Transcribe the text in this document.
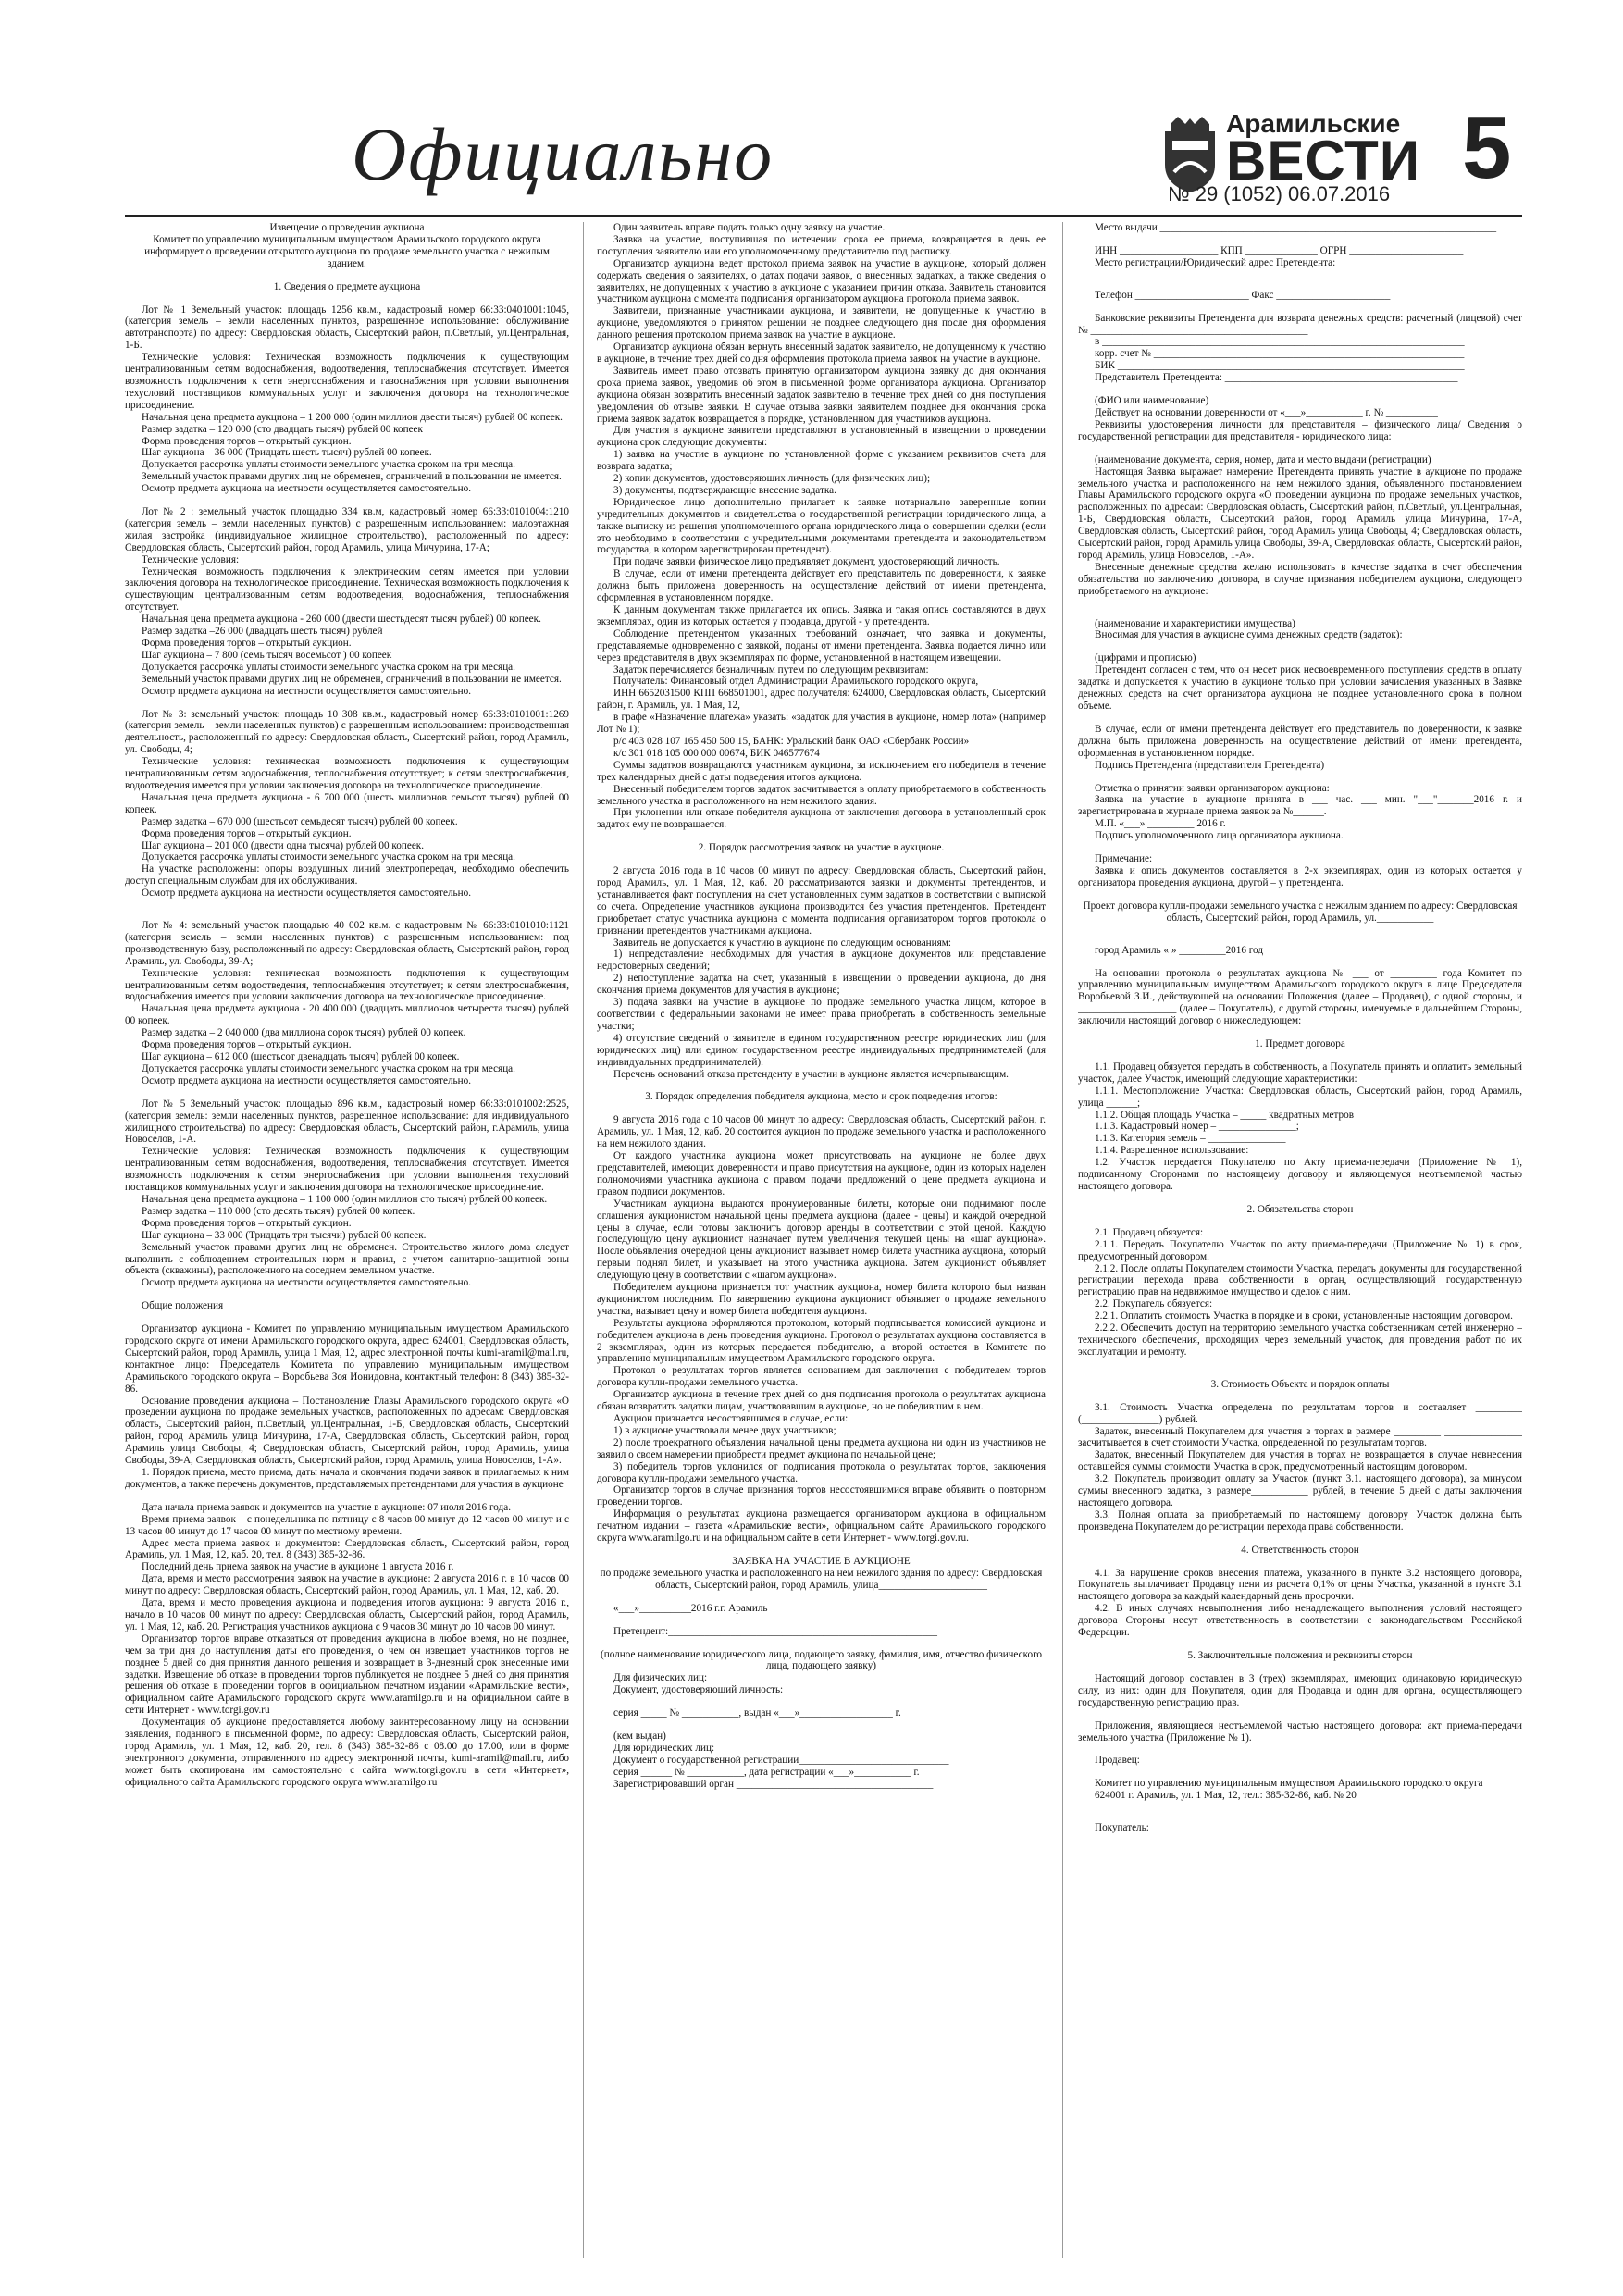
Официально	Арамильские
ВЕСТИ 5
№ 29 (1052) 06.07.2016

Извещение о проведении аукциона

Комитет по управлению муниципальным имуществом Арамильского городского округа информирует о проведении открытого аукциона по продаже земельного участка с нежилым зданием.

1. Сведения о предмете аукциона

Лот № 1 Земельный участок: площадь 1256 кв.м., кадастровый номер 66:33:0401001:1045, (категория земель – земли населенных пунктов, разрешенное использование: обслуживание автотранспорта) по адресу: Свердловская область, Сысертский район, п.Светлый, ул.Центральная, 1-Б.

Технические условия: Техническая возможность подключения к существующим централизованным сетям водоснабжения, водоотведения, теплоснабжения отсутствует. Имеется возможность подключения к сети энергоснабжения и газоснабжения при условии выполнения техусловий поставщиков коммунальных услуг и заключения договора на технологическое присоединение.

Начальная цена предмета аукциона – 1 200 000 (один миллион двести тысяч) рублей 00 копеек.

Размер задатка – 120 000 (сто двадцать тысяч) рублей 00 копеек

Форма проведения торгов – открытый аукцион.

Шаг аукциона – 36 000 (Тридцать шесть тысяч) рублей 00 копеек.

Допускается рассрочка уплаты стоимости земельного участка сроком на три месяца.

Земельный участок правами других лиц не обременен, ограничений в пользовании не имеется.

Осмотр предмета аукциона на местности осуществляется самостоятельно.

Лот № 2 : земельный участок площадью 334 кв.м, кадастровый номер 66:33:0101004:1210 (категория земель – земли населенных пунктов) с разрешенным использованием: малоэтажная жилая застройка (индивидуальное жилищное строительство), расположенный по адресу: Свердловская область, Сысертский район, город Арамиль, улица Мичурина, 17-А;

Технические условия:

Техническая возможность подключения к электрическим сетям имеется при условии заключения договора на технологическое присоединение. Техническая возможность подключения к существующим централизованным сетям водоотведения, водоснабжения, теплоснабжения отсутствует.

Начальная цена предмета аукциона - 260 000 (двести шестьдесят тысяч рублей) 00 копеек.

Размер задатка –26 000 (двадцать шесть тысяч) рублей

Форма проведения торгов – открытый аукцион.

Шаг аукциона – 7 800 (семь тысяч восемьсот ) 00 копеек

Допускается рассрочка уплаты стоимости земельного участка сроком на три месяца.

Земельный участок правами других лиц не обременен, ограничений в пользовании не имеется.

Осмотр предмета аукциона на местности осуществляется самостоятельно.

Лот № 3: земельный участок: площадь 10 308 кв.м., кадастровый номер 66:33:0101001:1269 (категория земель – земли населенных пунктов) с разрешенным использованием: производственная деятельность, расположенный по адресу: Свердловская область, Сысертский район, город Арамиль, ул. Свободы, 4;

Технические условия: техническая возможность подключения к существующим централизованным сетям водоснабжения, теплоснабжения отсутствует; к сетям электроснабжения, водоотведения имеется при условии заключения договора на технологическое присоединение.

Начальная цена предмета аукциона - 6 700 000 (шесть миллионов семьсот тысяч) рублей 00 копеек.

Размер задатка – 670 000 (шестьсот семьдесят тысяч) рублей 00 копеек.

Форма проведения торгов – открытый аукцион.

Шаг аукциона – 201 000 (двести одна тысяча) рублей 00 копеек.

Допускается рассрочка уплаты стоимости земельного участка сроком на три месяца.

На участке расположены: опоры воздушных линий электропередач, необходимо обеспечить доступ специальным службам для их обслуживания.

Осмотр предмета аукциона на местности осуществляется самостоятельно.

Лот № 4: земельный участок площадью 40 002 кв.м. с кадастровым № 66:33:0101010:1121 (категория земель – земли населенных пунктов) с разрешенным использованием: под производственную базу, расположенный по адресу: Свердловская область, Сысертский район, город Арамиль, ул. Свободы, 39-А;

Технические условия: техническая возможность подключения к существующим централизованным сетям водоотведения, теплоснабжения отсутствует; к сетям электроснабжения, водоснабжения имеется при условии заключения договора на технологическое присоединение.

Начальная цена предмета аукциона - 20 400 000 (двадцать миллионов четыреста тысяч) рублей 00 копеек.

Размер задатка – 2 040 000 (два миллиона сорок тысяч) рублей 00 копеек.

Форма проведения торгов – открытый аукцион.

Шаг аукциона – 612 000 (шестьсот двенадцать тысяч) рублей 00 копеек.

Допускается рассрочка уплаты стоимости земельного участка сроком на три месяца.

Осмотр предмета аукциона на местности осуществляется самостоятельно.

Лот № 5 Земельный участок: площадью 896 кв.м., кадастровый номер 66:33:0101002:2525, (категория земель: земли населенных пунктов, разрешенное использование: для индивидуального жилищного строительства) по адресу: Свердловская область, Сысертский район, г.Арамиль, улица Новоселов, 1-А.

Технические условия: Техническая возможность подключения к существующим централизованным сетям водоснабжения, водоотведения, теплоснабжения отсутствует. Имеется возможность подключения к сетям энергоснабжения при условии выполнения техусловий поставщиков коммунальных услуг и заключения договора на технологическое присоединение.

Начальная цена предмета аукциона – 1 100 000 (один миллион сто тысяч) рублей 00 копеек.

Размер задатка – 110 000 (сто десять тысяч) рублей 00 копеек.

Форма проведения торгов – открытый аукцион.

Шаг аукциона – 33 000 (Тридцать три тысячи) рублей 00 копеек.

Земельный участок правами других лиц не обременен. Строительство жилого дома следует выполнить с соблюдением строительных норм и правил, с учетом санитарно-защитной зоны объекта (скважины), расположенного на соседнем земельном участке.

Осмотр предмета аукциона на местности осуществляется самостоятельно.

Общие положения

Организатор аукциона - Комитет по управлению муниципальным имуществом Арамильского городского округа от имени Арамильского городского округа, адрес: 624001, Свердловская область, Сысертский район, город Арамиль, улица 1 Мая, 12, адрес электронной почты kumi-aramil@mail.ru, контактное лицо: Председатель Комитета по управлению муниципальным имуществом Арамильского городского округа – Воробьева Зоя Ионидовна, контактный телефон: 8 (343) 385-32-86.

Основание проведения аукциона – Постановление Главы Арамильского городского округа «О проведении аукциона по продаже земельных участков, расположенных по адресам: Свердловская область, Сысертский район, п.Светлый, ул.Центральная, 1-Б, Свердловская область, Сысертский район, город Арамиль улица Мичурина, 17-А, Свердловская область, Сысертский район, город Арамиль улица Свободы, 4; Свердловская область, Сысертский район, город Арамиль, улица Свободы, 39-А, Свердловская область, Сысертский район, город Арамиль, улица Новоселов, 1-А».

1. Порядок приема, место приема, даты начала и окончания подачи заявок и прилагаемых к ним документов, а также перечень документов, представляемых претендентами для участия в аукционе

Дата начала приема заявок и документов на участие в аукционе: 07 июля 2016 года.

Время приема заявок – с понедельника по пятницу с 8 часов 00 минут до 12 часов 00 минут и с 13 часов 00 минут до 17 часов 00 минут по местному времени.

Адрес места приема заявок и документов: Свердловская область, Сысертский район, город Арамиль, ул. 1 Мая, 12, каб. 20, тел. 8 (343) 385-32-86.

Последний день приема заявок на участие в аукционе 1 августа 2016 г.

Дата, время и место рассмотрения заявок на участие в аукционе: 2 августа 2016 г. в 10 часов 00 минут по адресу: Свердловская область, Сысертский район, город Арамиль, ул. 1 Мая, 12, каб. 20.

Дата, время и место проведения аукциона и подведения итогов аукциона: 9 августа 2016 г., начало в 10 часов 00 минут по адресу: Свердловская область, Сысертский район, город Арамиль, ул. 1 Мая, 12, каб. 20. Регистрация участников аукциона с 9 часов 30 минут до 10 часов 00 минут.

Организатор торгов вправе отказаться от проведения аукциона в любое время, но не позднее, чем за три дня до наступления даты его проведения, о чем он извещает участников торгов не позднее 5 дней со дня принятия данного решения и возвращает в 3-дневный срок внесенные ими задатки. Извещение об отказе в проведении торгов публикуется не позднее 5 дней со дня принятия решения об отказе в проведении торгов в официальном печатном издании «Арамильские вести», официальном сайте Арамильского городского округа www.aramilgo.ru и на официальном сайте в сети Интернет - www.torgi.gov.ru

Документация об аукционе предоставляется любому заинтересованному лицу на основании заявления, поданного в письменной форме, по адресу: Свердловская область, Сысертский район, город Арамиль, ул. 1 Мая, 12, каб. 20, тел. 8 (343) 385-32-86 с 08.00 до 17.00, или в форме электронного документа, отправленного по адресу электронной почты, kumi-aramil@mail.ru, либо может быть скопирована им самостоятельно с сайта www.torgi.gov.ru в сети «Интернет», официального сайта Арамильского городского округа www.aramilgo.ru

Один заявитель вправе подать только одну заявку на участие.

Заявка на участие, поступившая по истечении срока ее приема, возвращается в день ее поступления заявителю или его уполномоченному представителю под расписку.

Организатор аукциона ведет протокол приема заявок на участие в аукционе, который должен содержать сведения о заявителях, о датах подачи заявок, о внесенных задатках, а также сведения о заявителях, не допущенных к участию в аукционе с указанием причин отказа. Заявитель становится участником аукциона с момента подписания организатором аукциона протокола приема заявок.

Заявители, признанные участниками аукциона, и заявители, не допущенные к участию в аукционе, уведомляются о принятом решении не позднее следующего дня после дня оформления данного решения протоколом приема заявок на участие в аукционе.

Организатор аукциона обязан вернуть внесенный задаток заявителю, не допущенному к участию в аукционе, в течение трех дней со дня оформления протокола приема заявок на участие в аукционе.

Заявитель имеет право отозвать принятую организатором аукциона заявку до дня окончания срока приема заявок, уведомив об этом в письменной форме организатора аукциона. Организатор аукциона обязан возвратить внесенный задаток заявителю в течение трех дней со дня поступления уведомления об отзыве заявки. В случае отзыва заявки заявителем позднее дня окончания срока приема заявок задаток возвращается в порядке, установленном для участников аукциона.

Для участия в аукционе заявители представляют в установленный в извещении о проведении аукциона срок следующие документы:

1) заявка на участие в аукционе по установленной форме с указанием реквизитов счета для возврата задатка;

2) копии документов, удостоверяющих личность (для физических лиц);

3) документы, подтверждающие внесение задатка.

Юридическое лицо дополнительно прилагает к заявке нотариально заверенные копии учредительных документов и свидетельства о государственной регистрации юридического лица, а также выписку из решения уполномоченного органа юридического лица о совершении сделки (если это необходимо в соответствии с учредительными документами претендента и законодательством государства, в котором зарегистрирован претендент).

При подаче заявки физическое лицо предъявляет документ, удостоверяющий личность.

В случае, если от имени претендента действует его представитель по доверенности, к заявке должна быть приложена доверенность на осуществление действий от имени претендента, оформленная в установленном порядке.

К данным документам также прилагается их опись. Заявка и такая опись составляются в двух экземплярах, один из которых остается у продавца, другой - у претендента.

Соблюдение претендентом указанных требований означает, что заявка и документы, представляемые одновременно с заявкой, поданы от имени претендента. Заявка подается лично или через представителя в двух экземплярах по форме, установленной в настоящем извещении.

Задаток перечисляется безналичным путем по следующим реквизитам:

Получатель: Финансовый отдел Администрации Арамильского городского округа,

ИНН 6652031500 КПП 668501001, адрес получателя: 624000, Свердловская область, Сысертский район, г. Арамиль, ул. 1 Мая, 12,

в графе «Назначение платежа» указать: «задаток для участия в аукционе, номер лота» (например Лот № 1);

р/с 403 028 107 165 450 500 15, БАНК: Уральский банк ОАО «Сбербанк России»

к/с 301 018 105 000 000 00674, БИК 046577674

Суммы задатков возвращаются участникам аукциона, за исключением его победителя в течение трех календарных дней с даты подведения итогов аукциона.

Внесенный победителем торгов задаток засчитывается в оплату приобретаемого в собственность земельного участка и расположенного на нем нежилого здания.

При уклонении или отказе победителя аукциона от заключения договора в установленный срок задаток ему не возвращается.

2. Порядок рассмотрения заявок на участие в аукционе.

2 августа 2016 года в 10 часов 00 минут по адресу: Свердловская область, Сысертский район, город Арамиль, ул. 1 Мая, 12, каб. 20 рассматриваются заявки и документы претендентов, и устанавливается факт поступления на счет установленных сумм задатков в соответствии с выпиской со счета. Определение участников аукциона производится без участия претендентов. Претендент приобретает статус участника аукциона с момента подписания организатором торгов протокола о признании претендентов участниками аукциона.

Заявитель не допускается к участию в аукционе по следующим основаниям:

1) непредставление необходимых для участия в аукционе документов или представление недостоверных сведений;

2) непоступление задатка на счет, указанный в извещении о проведении аукциона, до дня окончания приема документов для участия в аукционе;

3) подача заявки на участие в аукционе по продаже земельного участка лицом, которое в соответствии с федеральными законами не имеет права приобретать в собственность земельные участки;

4) отсутствие сведений о заявителе в едином государственном реестре юридических лиц (для юридических лиц) или едином государственном реестре индивидуальных предпринимателей (для индивидуальных предпринимателей).

Перечень оснований отказа претенденту в участии в аукционе является исчерпывающим.

3. Порядок определения победителя аукциона, место и срок подведения итогов:

9 августа 2016 года с 10 часов 00 минут по адресу: Свердловская область, Сысертский район, г. Арамиль, ул. 1 Мая, 12, каб. 20 состоится аукцион по продаже земельного участка и расположенного на нем нежилого здания.

От каждого участника аукциона может присутствовать на аукционе не более двух представителей, имеющих доверенности и право присутствия на аукционе, один из которых наделен полномочиями участника аукциона с правом подачи предложений о цене предмета аукциона и правом подписи документов.

Участникам аукциона выдаются пронумерованные билеты, которые они поднимают после оглашения аукционистом начальной цены предмета аукциона (далее - цены) и каждой очередной цены в случае, если готовы заключить договор аренды в соответствии с этой ценой. Каждую последующую цену аукционист назначает путем увеличения текущей цены на «шаг аукциона». После объявления очередной цены аукционист называет номер билета участника аукциона, который первым поднял билет, и указывает на этого участника аукциона. Затем аукционист объявляет следующую цену в соответствии с «шагом аукциона».

Победителем аукциона признается тот участник аукциона, номер билета которого был назван аукционистом последним. По завершению аукциона аукционист объявляет о продаже земельного участка, называет цену и номер билета победителя аукциона.

Результаты аукциона оформляются протоколом, который подписывается комиссией аукциона и победителем аукциона в день проведения аукциона. Протокол о результатах аукциона составляется в 2 экземплярах, один из которых передается победителю, а второй остается в Комитете по управлению муниципальным имуществом Арамильского городского округа.

Протокол о результатах торгов является основанием для заключения с победителем торгов договора купли-продажи земельного участка.

Организатор аукциона в течение трех дней со дня подписания протокола о результатах аукциона обязан возвратить задатки лицам, участвовавшим в аукционе, но не победившим в нем.

Аукцион признается несостоявшимся в случае, если:

1) в аукционе участвовали менее двух участников;

2) после троекратного объявления начальной цены предмета аукциона ни один из участников не заявил о своем намерении приобрести предмет аукциона по начальной цене;

3) победитель торгов уклонился от подписания протокола о результатах торгов, заключения договора купли-продажи земельного участка.

Организатор торгов в случае признания торгов несостоявшимися вправе объявить о повторном проведении торгов.

Информация о результатах аукциона размещается организатором аукциона в официальном печатном издании – газета «Арамильские вести», официальном сайте Арамильского городского округа www.aramilgo.ru и на официальном сайте в сети Интернет - www.torgi.gov.ru.

ЗАЯВКА НА УЧАСТИЕ В АУКЦИОНЕ

по продаже земельного участка и расположенного на нем нежилого здания по адресу: Свердловская область, Сысертский район, город Арамиль, улица_____________________

«___»__________2016 г.г. Арамиль

Претендент:____________________________________________________

(полное наименование юридического лица, подающего заявку, фамилия, имя, отчество физического лица, подающего заявку)

Для физических лиц:

Документ, удостоверяющий личность:_______________________________

серия _____ № ___________, выдан «___»__________________ г.

(кем выдан)

Для юридических лиц:

Документ о государственной регистрации_____________________________

серия ______ № ___________, дата регистрации «___»___________ г.

Зарегистрировавший орган ______________________________________

Место выдачи _________________________________________________________________

ИНН ___________________ КПП ______________ ОГРН ______________________

Место регистрации/Юридический адрес Претендента: ___________________

Телефон ______________________ Факс ______________________

Банковские реквизиты Претендента для возврата денежных средств: расчетный (лицевой) счет № __________________________________________

в ______________________________________________________________________

корр. счет № ____________________________________________________________

БИК ___________________________________________________________________

Представитель Претендента: _____________________________________________

(ФИО или наименование)

Действует на основании доверенности от «___»___________ г. № __________

Реквизиты удостоверения личности для представителя – физического лица/ Сведения о государственной регистрации для представителя - юридического лица:

(наименование документа, серия, номер, дата и место выдачи (регистрации)

Настоящая Заявка выражает намерение Претендента принять участие в аукционе по продаже земельного участка и расположенного на нем нежилого здания, объявленного постановлением Главы Арамильского городского округа «О проведении аукциона по продаже земельных участков, расположенных по адресам: Свердловская область, Сысертский район, п.Светлый, ул.Центральная, 1-Б, Свердловская область, Сысертский район, город Арамиль улица Мичурина, 17-А, Свердловская область, Сысертский район, город Арамиль улица Свободы, 4; Свердловская область, Сысертский район, город Арамиль улица Свободы, 39-А, Свердловская область, Сысертский район, город Арамиль, улица Новоселов, 1-А».

Внесенные денежные средства желаю использовать в качестве задатка в счет обеспечения обязательства по заключению договора, в случае признания победителем аукциона, следующего приобретаемого на аукционе:

(наименование и характеристики имущества)

Вносимая для участия в аукционе сумма денежных средств (задаток): _________

(цифрами и прописью)

Претендент согласен с тем, что он несет риск несвоевременного поступления средств в оплату задатка и допускается к участию в аукционе только при условии зачисления указанных в Заявке денежных средств на счет организатора аукциона не позднее установленного срока в полном объеме.

В случае, если от имени претендента действует его представитель по доверенности, к заявке должна быть приложена доверенность на осуществление действий от имени претендента, оформленная в установленном порядке.

Подпись Претендента (представителя Претендента)

Отметка о принятии заявки организатором аукциона:

Заявка на участие в аукционе принята в ___ час. ___ мин. "___"_______2016 г. и зарегистрирована в журнале приема заявок за №______.

М.П. «___» _________ 2016 г.

Подпись уполномоченного лица организатора аукциона.

Примечание:

Заявка и опись документов составляется в 2-х экземплярах, один из которых остается у организатора проведения аукциона, другой – у претендента.

Проект договора купли-продажи земельного участка с нежилым зданием по адресу: Свердловская область, Сысертский район, город Арамиль, ул.___________

город Арамиль « » _________2016 год

На основании протокола о результатах аукциона № ___ от _________ года Комитет по управлению муниципальным имуществом Арамильского городского округа в лице Председателя Воробьевой З.И., действующей на основании Положения (далее – Продавец), с одной стороны, и ___________________ (далее – Покупатель), с другой стороны, именуемые в дальнейшем Стороны, заключили настоящий договор о нижеследующем:

1. Предмет договора

1.1. Продавец обязуется передать в собственность, а Покупатель принять и оплатить земельный участок, далее Участок, имеющий следующие характеристики:

1.1.1. Местоположение Участка: Свердловская область, Сысертский район, город Арамиль, улица ______;

1.1.2. Общая площадь Участка – _____ квадратных метров

1.1.3. Кадастровый номер – _______________;

1.1.3. Категория земель – _______________

1.1.4. Разрешенное использование:

1.2. Участок передается Покупателю по Акту приема-передачи (Приложение № 1), подписанному Сторонами по настоящему договору и являющемуся неотъемлемой частью настоящего договора.

2. Обязательства сторон

2.1. Продавец обязуется:

2.1.1. Передать Покупателю Участок по акту приема-передачи (Приложение № 1) в срок, предусмотренный договором.

2.1.2. После оплаты Покупателем стоимости Участка, передать документы для государственной регистрации перехода права собственности в орган, осуществляющий государственную регистрацию прав на недвижимое имущество и сделок с ним.

2.2. Покупатель обязуется:

2.2.1. Оплатить стоимость Участка в порядке и в сроки, установленные настоящим договором.

2.2.2. Обеспечить доступ на территорию земельного участка собственникам сетей инженерно – технического обеспечения, проходящих через земельный участок, для проведения работ по их эксплуатации и ремонту.

3. Стоимость Объекта и порядок оплаты

3.1. Стоимость Участка определена по результатам торгов и составляет _________ (_______________) рублей.

Задаток, внесенный Покупателем для участия в торгах в размере _________ _______________ засчитывается в счет стоимости Участка, определенной по результатам торгов.

Задаток, внесенный Покупателем для участия в торгах не возвращается в случае невнесения оставшейся суммы стоимости Участка в срок, предусмотренный настоящим договором.

3.2. Покупатель производит оплату за Участок (пункт 3.1. настоящего договора), за минусом суммы внесенного задатка, в размере___________ рублей, в течение 5 дней с даты заключения настоящего договора.

3.3. Полная оплата за приобретаемый по настоящему договору Участок должна быть произведена Покупателем до регистрации перехода права собственности.

4. Ответственность сторон

4.1. За нарушение сроков внесения платежа, указанного в пункте 3.2 настоящего договора, Покупатель выплачивает Продавцу пени из расчета 0,1% от цены Участка, указанной в пункте 3.1 настоящего договора за каждый календарный день просрочки.

4.2. В иных случаях невыполнения либо ненадлежащего выполнения условий настоящего договора Стороны несут ответственность в соответствии с законодательством Российской Федерации.

5. Заключительные положения и реквизиты сторон

Настоящий договор составлен в 3 (трех) экземплярах, имеющих одинаковую юридическую силу, из них: один для Покупателя, один для Продавца и один для органа, осуществляющего государственную регистрацию прав.

Приложения, являющиеся неотъемлемой частью настоящего договора: акт приема-передачи земельного участка (Приложение № 1).

Продавец:

Комитет по управлению муниципальным имуществом Арамильского городского округа

624001 г. Арамиль, ул. 1 Мая, 12, тел.: 385-32-86, каб. № 20

Покупатель:
